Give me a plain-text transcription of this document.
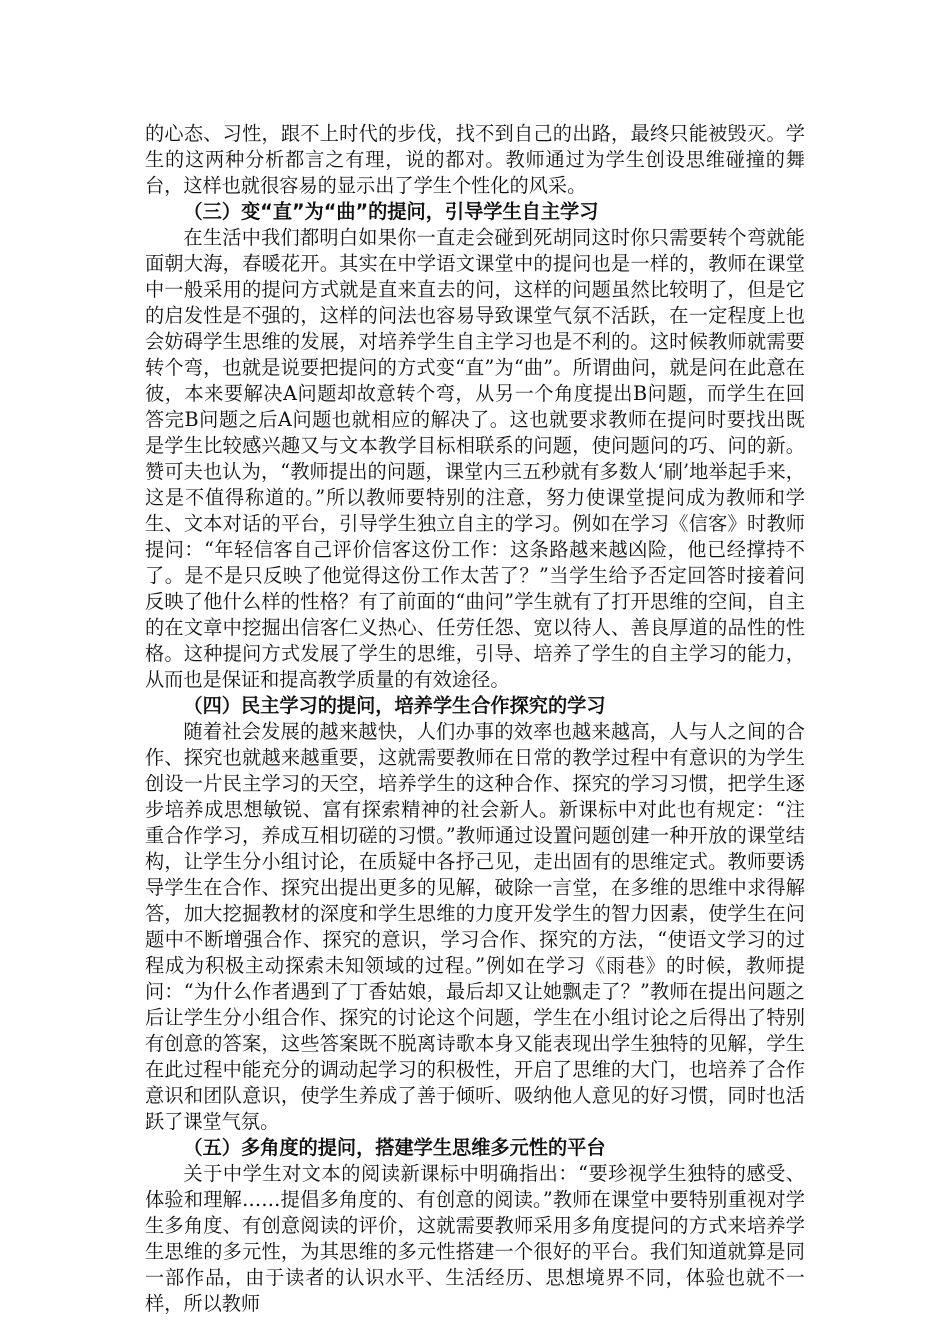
的心态、习性，跟不上时代的步伐，找不到自己的出路，最终只能被毁灭。学生的这两种分析都言之有理，说的都对。教师通过为学生创设思维碰撞的舞台，这样也就很容易的显示出了学生个性化的风采。

（三）变“直”为“曲”的提问，引导学生自主学习

在生活中我们都明白如果你一直走会碰到死胡同这时你只需要转个弯就能面朝大海，春暖花开。其实在中学语文课堂中的提问也是一样的，教师在课堂中一般采用的提问方式就是直来直去的问，这样的问题虽然比较明了，但是它的启发性是不强的，这样的问法也容易导致课堂气氛不活跃，在一定程度上也会妨碍学生思维的发展，对培养学生自主学习也是不利的。这时候教师就需要转个弯，也就是说要把提问的方式变“直”为“曲”。所谓曲问，就是问在此意在彼，本来要解决A问题却故意转个弯，从另一个角度提出B问题，而学生在回答完B问题之后A问题也就相应的解决了。这也就要求教师在提问时要找出既是学生比较感兴趣又与文本教学目标相联系的问题，使问题问的巧、问的新。赞可夫也认为，“教师提出的问题，课堂内三五秒就有多数人‘刷’地举起手来，这是不值得称道的。”所以教师要特别的注意，努力使课堂提问成为教师和学生、文本对话的平台，引导学生独立自主的学习。例如在学习《信客》时教师提问：“年轻信客自己评价信客这份工作：这条路越来越凶险，他已经撑持不了。是不是只反映了他觉得这份工作太苦了？”当学生给予否定回答时接着问反映了他什么样的性格？有了前面的“曲问”学生就有了打开思维的空间，自主的在文章中挖掘出信客仁义热心、任劳任怨、宽以待人、善良厚道的品性的性格。这种提问方式发展了学生的思维，引导、培养了学生的自主学习的能力，从而也是保证和提高教学质量的有效途径。

（四）民主学习的提问，培养学生合作探究的学习

随着社会发展的越来越快，人们办事的效率也越来越高，人与人之间的合作、探究也就越来越重要，这就需要教师在日常的教学过程中有意识的为学生创设一片民主学习的天空，培养学生的这种合作、探究的学习习惯，把学生逐步培养成思想敏锐、富有探索精神的社会新人。新课标中对此也有规定：“注重合作学习，养成互相切磋的习惯。”教师通过设置问题创建一种开放的课堂结构，让学生分小组讨论，在质疑中各抒己见，走出固有的思维定式。教师要诱导学生在合作、探究出提出更多的见解，破除一言堂，在多维的思维中求得解答，加大挖掘教材的深度和学生思维的力度开发学生的智力因素，使学生在问题中不断增强合作、探究的意识，学习合作、探究的方法，“使语文学习的过程成为积极主动探索未知领域的过程。”例如在学习《雨巷》的时候，教师提问：“为什么作者遇到了丁香姑娘，最后却又让她飘走了？”教师在提出问题之后让学生分小组合作、探究的讨论这个问题，学生在小组讨论之后得出了特别有创意的答案，这些答案既不脱离诗歌本身又能表现出学生独特的见解，学生在此过程中能充分的调动起学习的积极性，开启了思维的大门，也培养了合作意识和团队意识，使学生养成了善于倾听、吸纳他人意见的好习惯，同时也活跃了课堂气氛。

（五）多角度的提问，搭建学生思维多元性的平台

关于中学生对文本的阅读新课标中明确指出：“要珍视学生独特的感受、体验和理解……提倡多角度的、有创意的阅读。”教师在课堂中要特别重视对学生多角度、有创意阅读的评价，这就需要教师采用多角度提问的方式来培养学生思维的多元性，为其思维的多元性搭建一个很好的平台。我们知道就算是同一部作品，由于读者的认识水平、生活经历、思想境界不同，体验也就不一样，所以教师
